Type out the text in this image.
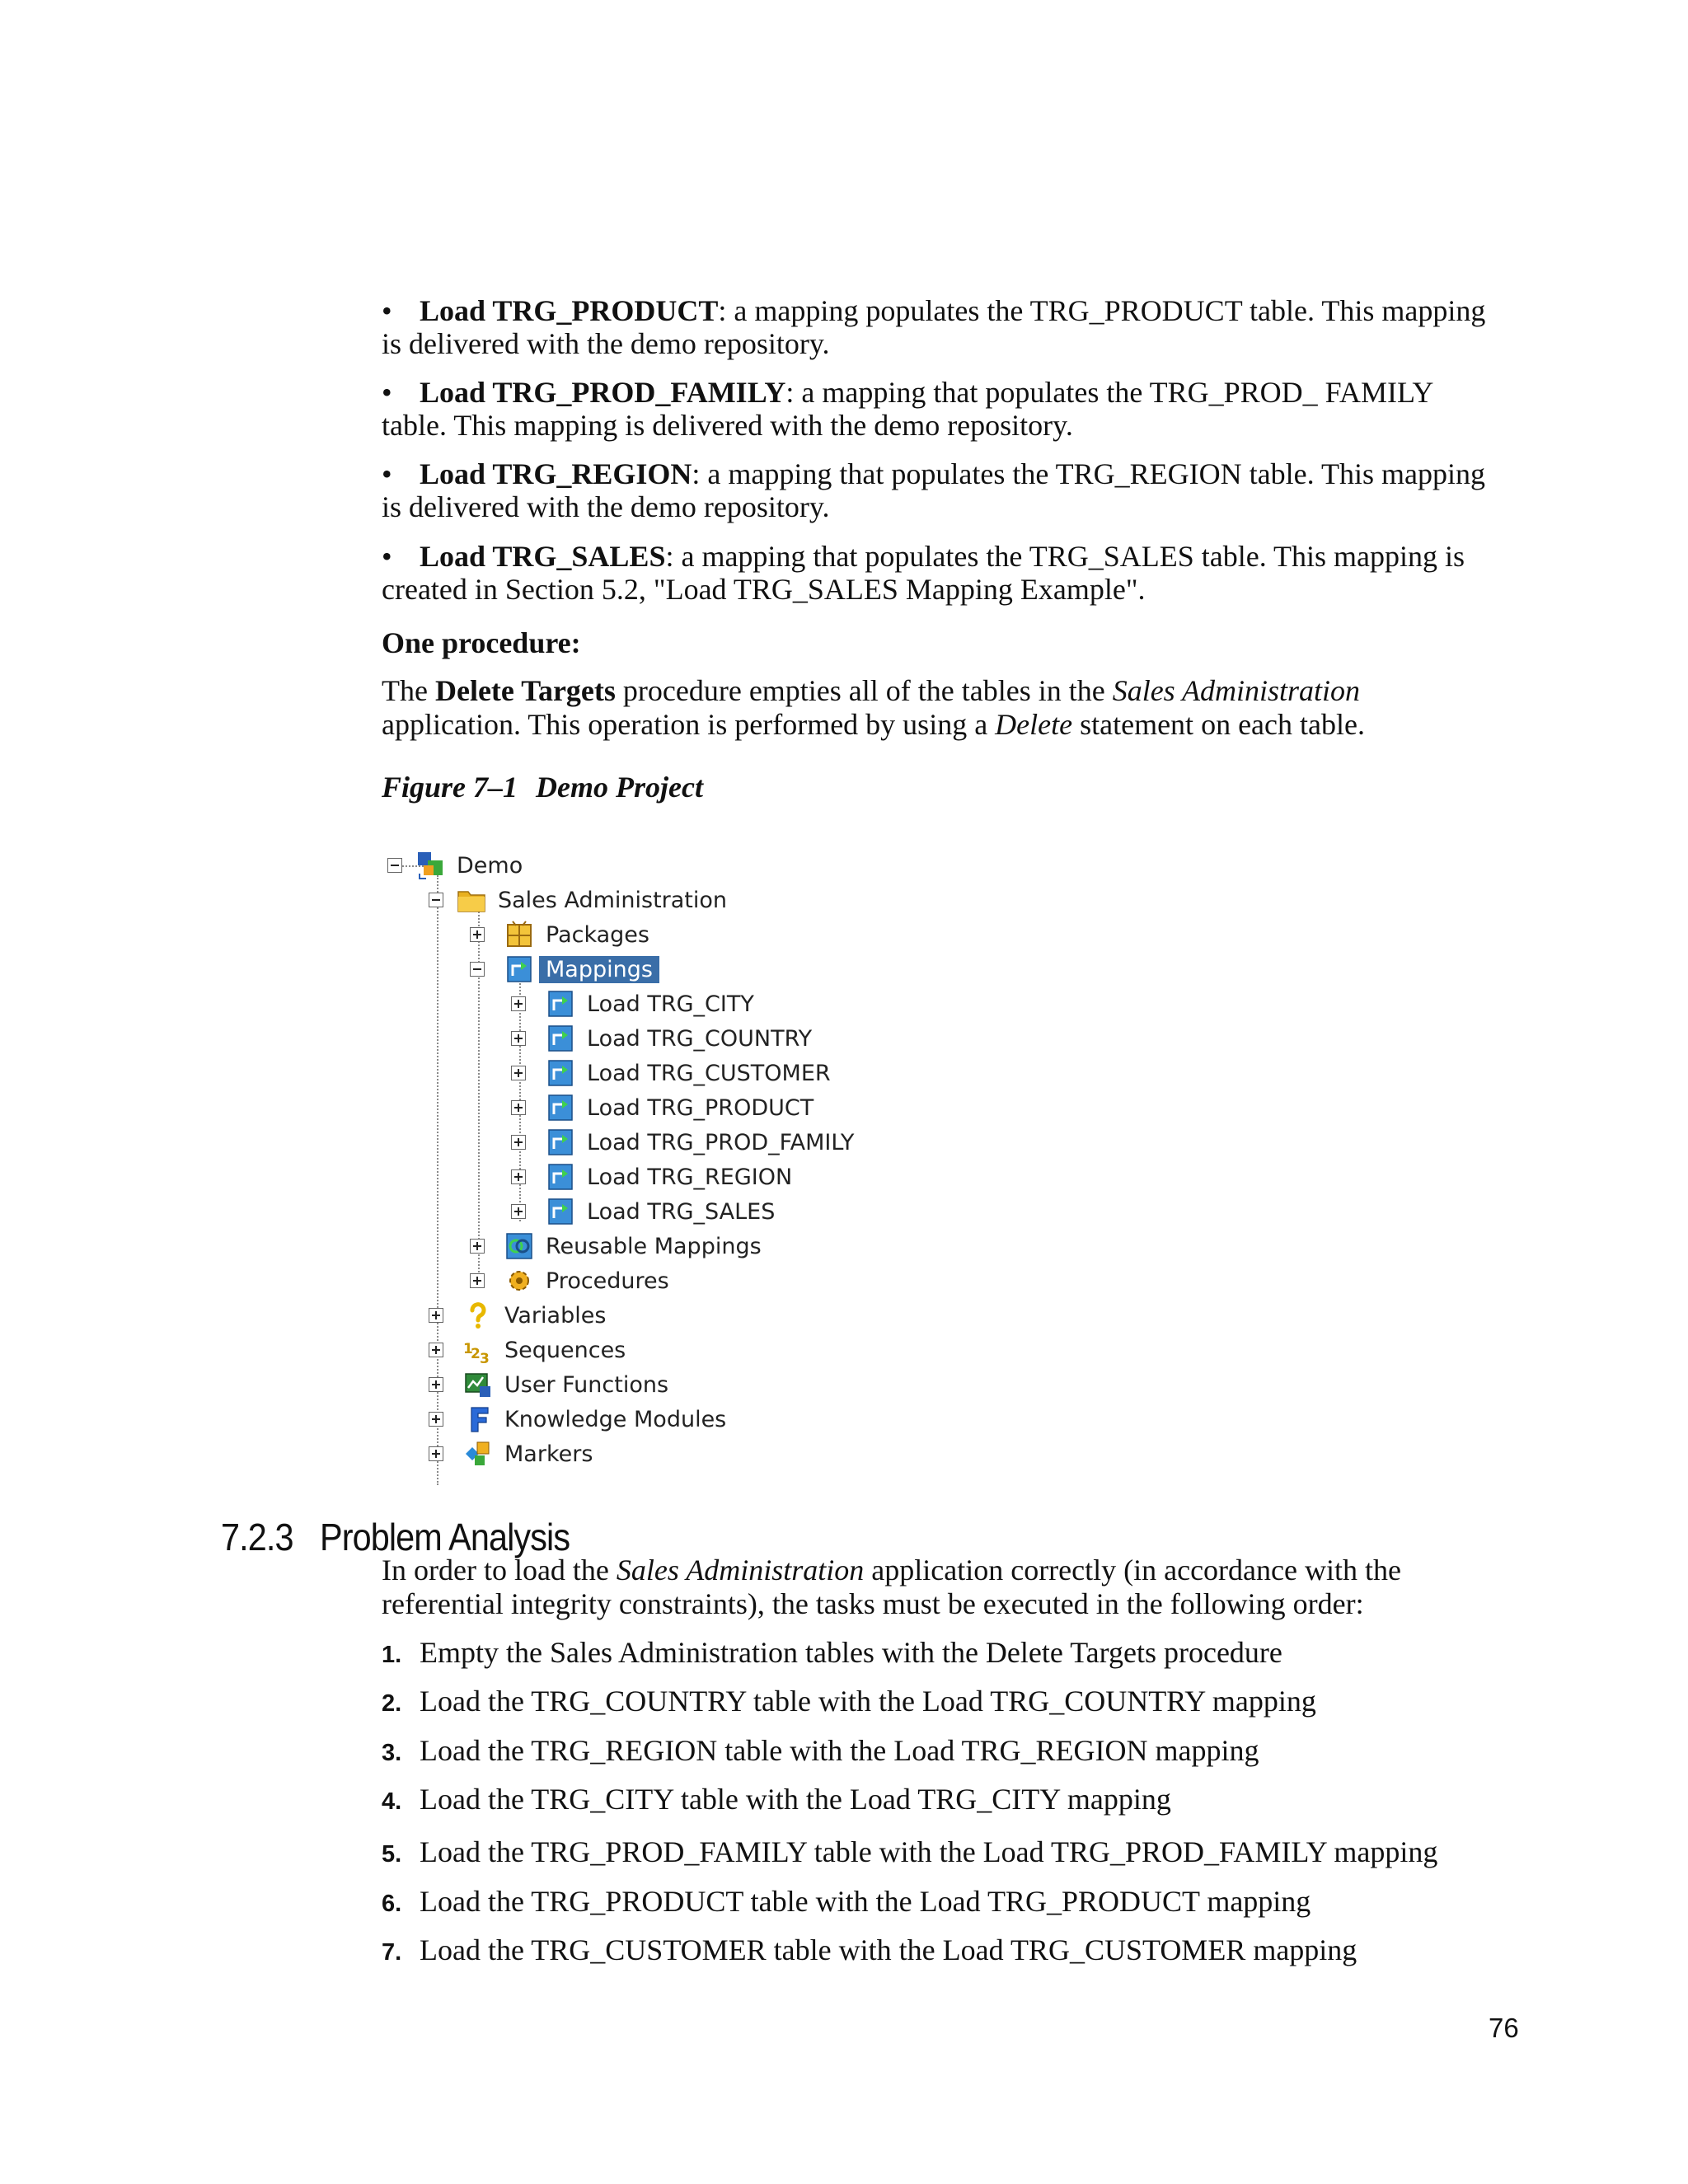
• Load TRG_PRODUCT: a mapping populates the TRG_PRODUCT table. This mapping
is delivered with the demo repository.
• Load TRG_PROD_FAMILY: a mapping that populates the TRG_PROD_ FAMILY
table. This mapping is delivered with the demo repository.
• Load TRG_REGION: a mapping that populates the TRG_REGION table. This mapping
is delivered with the demo repository.
• Load TRG_SALES: a mapping that populates the TRG_SALES table. This mapping is
created in Section 5.2, "Load TRG_SALES Mapping Example".
One procedure:
The Delete Targets procedure empties all of the tables in the Sales Administration
application. This operation is performed by using a Delete statement on each table.
Figure 7–1 Demo Project
Demo
Sales Administration
Packages
Mappings
Load TRG_CITY
Load TRG_COUNTRY
Load TRG_CUSTOMER
Load TRG_PRODUCT
Load TRG_PROD_FAMILY
Load TRG_REGION
Load TRG_SALES
Reusable Mappings
Procedures
Variables
1
2 3 Sequences
User Functions
Knowledge Modules
Markers
7.2.3 Problem Analysis
In order to load the Sales Administration application correctly (in accordance with the
referential integrity constraints), the tasks must be executed in the following order:
1. Empty the Sales Administration tables with the Delete Targets procedure
2. Load the TRG_COUNTRY table with the Load TRG_COUNTRY mapping
3. Load the TRG_REGION table with the Load TRG_REGION mapping
4. Load the TRG_CITY table with the Load TRG_CITY mapping
5. Load the TRG_PROD_FAMILY table with the Load TRG_PROD_FAMILY mapping
6. Load the TRG_PRODUCT table with the Load TRG_PRODUCT mapping
7. Load the TRG_CUSTOMER table with the Load TRG_CUSTOMER mapping
76
